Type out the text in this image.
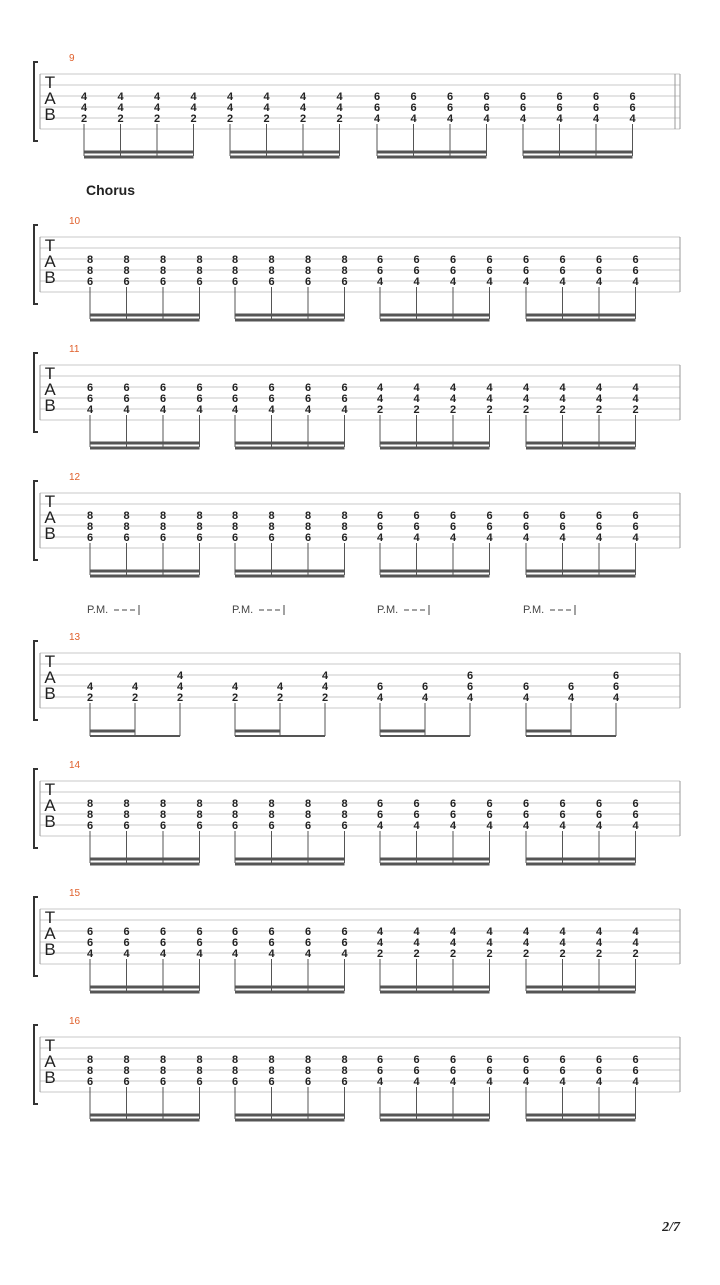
Chorus
T
A
B
9
4
4
2
4
4
2
4
4
2
4
4
2
4
4
2
4
4
2
4
4
2
4
4
2
6
6
4
6
6
4
6
6
4
6
6
4
6
6
4
6
6
4
6
6
4
6
6
4
T
A
B
10
8
8
6
8
8
6
8
8
6
8
8
6
8
8
6
8
8
6
8
8
6
8
8
6
6
6
4
6
6
4
6
6
4
6
6
4
6
6
4
6
6
4
6
6
4
6
6
4
T
A
B
11
6
6
4
6
6
4
6
6
4
6
6
4
6
6
4
6
6
4
6
6
4
6
6
4
4
4
2
4
4
2
4
4
2
4
4
2
4
4
2
4
4
2
4
4
2
4
4
2
T
A
B
12
8
8
6
8
8
6
8
8
6
8
8
6
8
8
6
8
8
6
8
8
6
8
8
6
6
6
4
6
6
4
6
6
4
6
6
4
6
6
4
6
6
4
6
6
4
6
6
4
T
A
B
13
4
2
4
2
4
4
2
P.M.
4
2
4
2
4
4
2
P.M.
6
4
6
4
6
6
4
P.M.
6
4
6
4
6
6
4
P.M.
T
A
B
14
8
8
6
8
8
6
8
8
6
8
8
6
8
8
6
8
8
6
8
8
6
8
8
6
6
6
4
6
6
4
6
6
4
6
6
4
6
6
4
6
6
4
6
6
4
6
6
4
T
A
B
15
6
6
4
6
6
4
6
6
4
6
6
4
6
6
4
6
6
4
6
6
4
6
6
4
4
4
2
4
4
2
4
4
2
4
4
2
4
4
2
4
4
2
4
4
2
4
4
2
T
A
B
16
8
8
6
8
8
6
8
8
6
8
8
6
8
8
6
8
8
6
8
8
6
8
8
6
6
6
4
6
6
4
6
6
4
6
6
4
6
6
4
6
6
4
6
6
4
6
6
4
2/7
